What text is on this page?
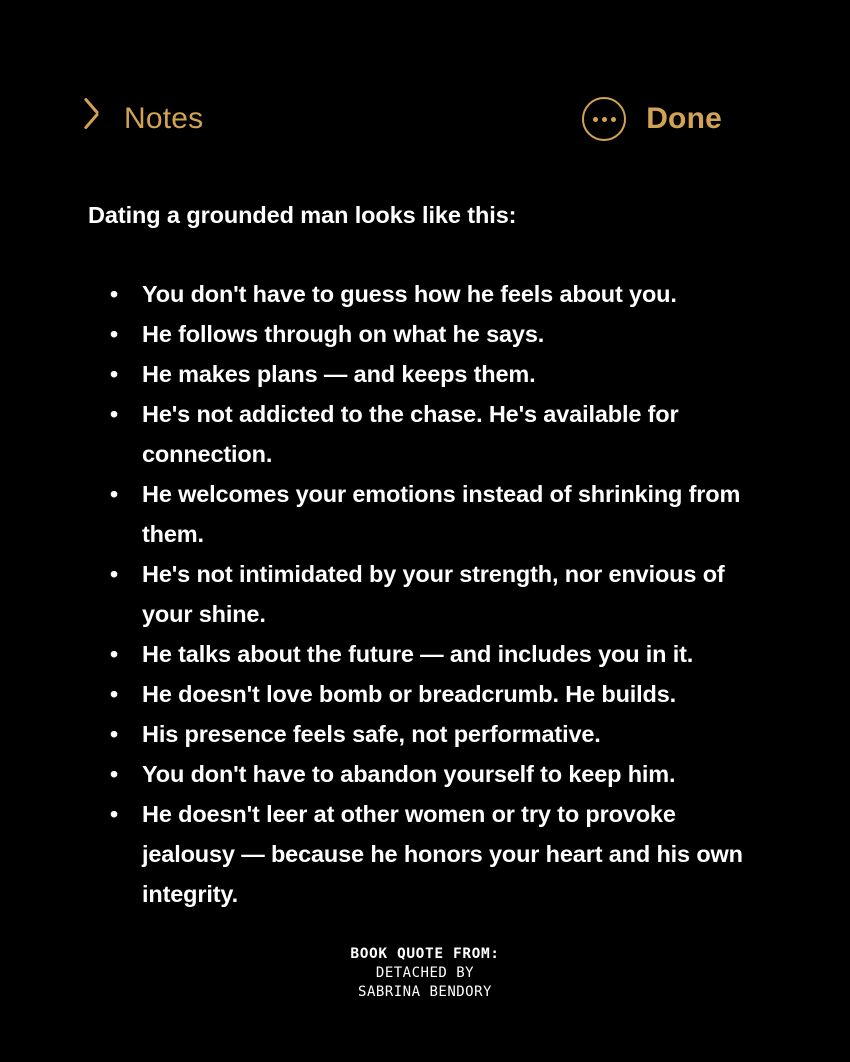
Notes	Done
Dating a grounded man looks like this:
• You don't have to guess how he feels about you.
• He follows through on what he says.
• He makes plans — and keeps them.
• He's not addicted to the chase. He's available for connection.
• He welcomes your emotions instead of shrinking from them.
• He's not intimidated by your strength, nor envious of your shine.
• He talks about the future — and includes you in it.
• He doesn't love bomb or breadcrumb. He builds.
• His presence feels safe, not performative.
• You don't have to abandon yourself to keep him.
• He doesn't leer at other women or try to provoke jealousy — because he honors your heart and his own integrity.
BOOK QUOTE FROM:
DETACHED BY
SABRINA BENDORY
